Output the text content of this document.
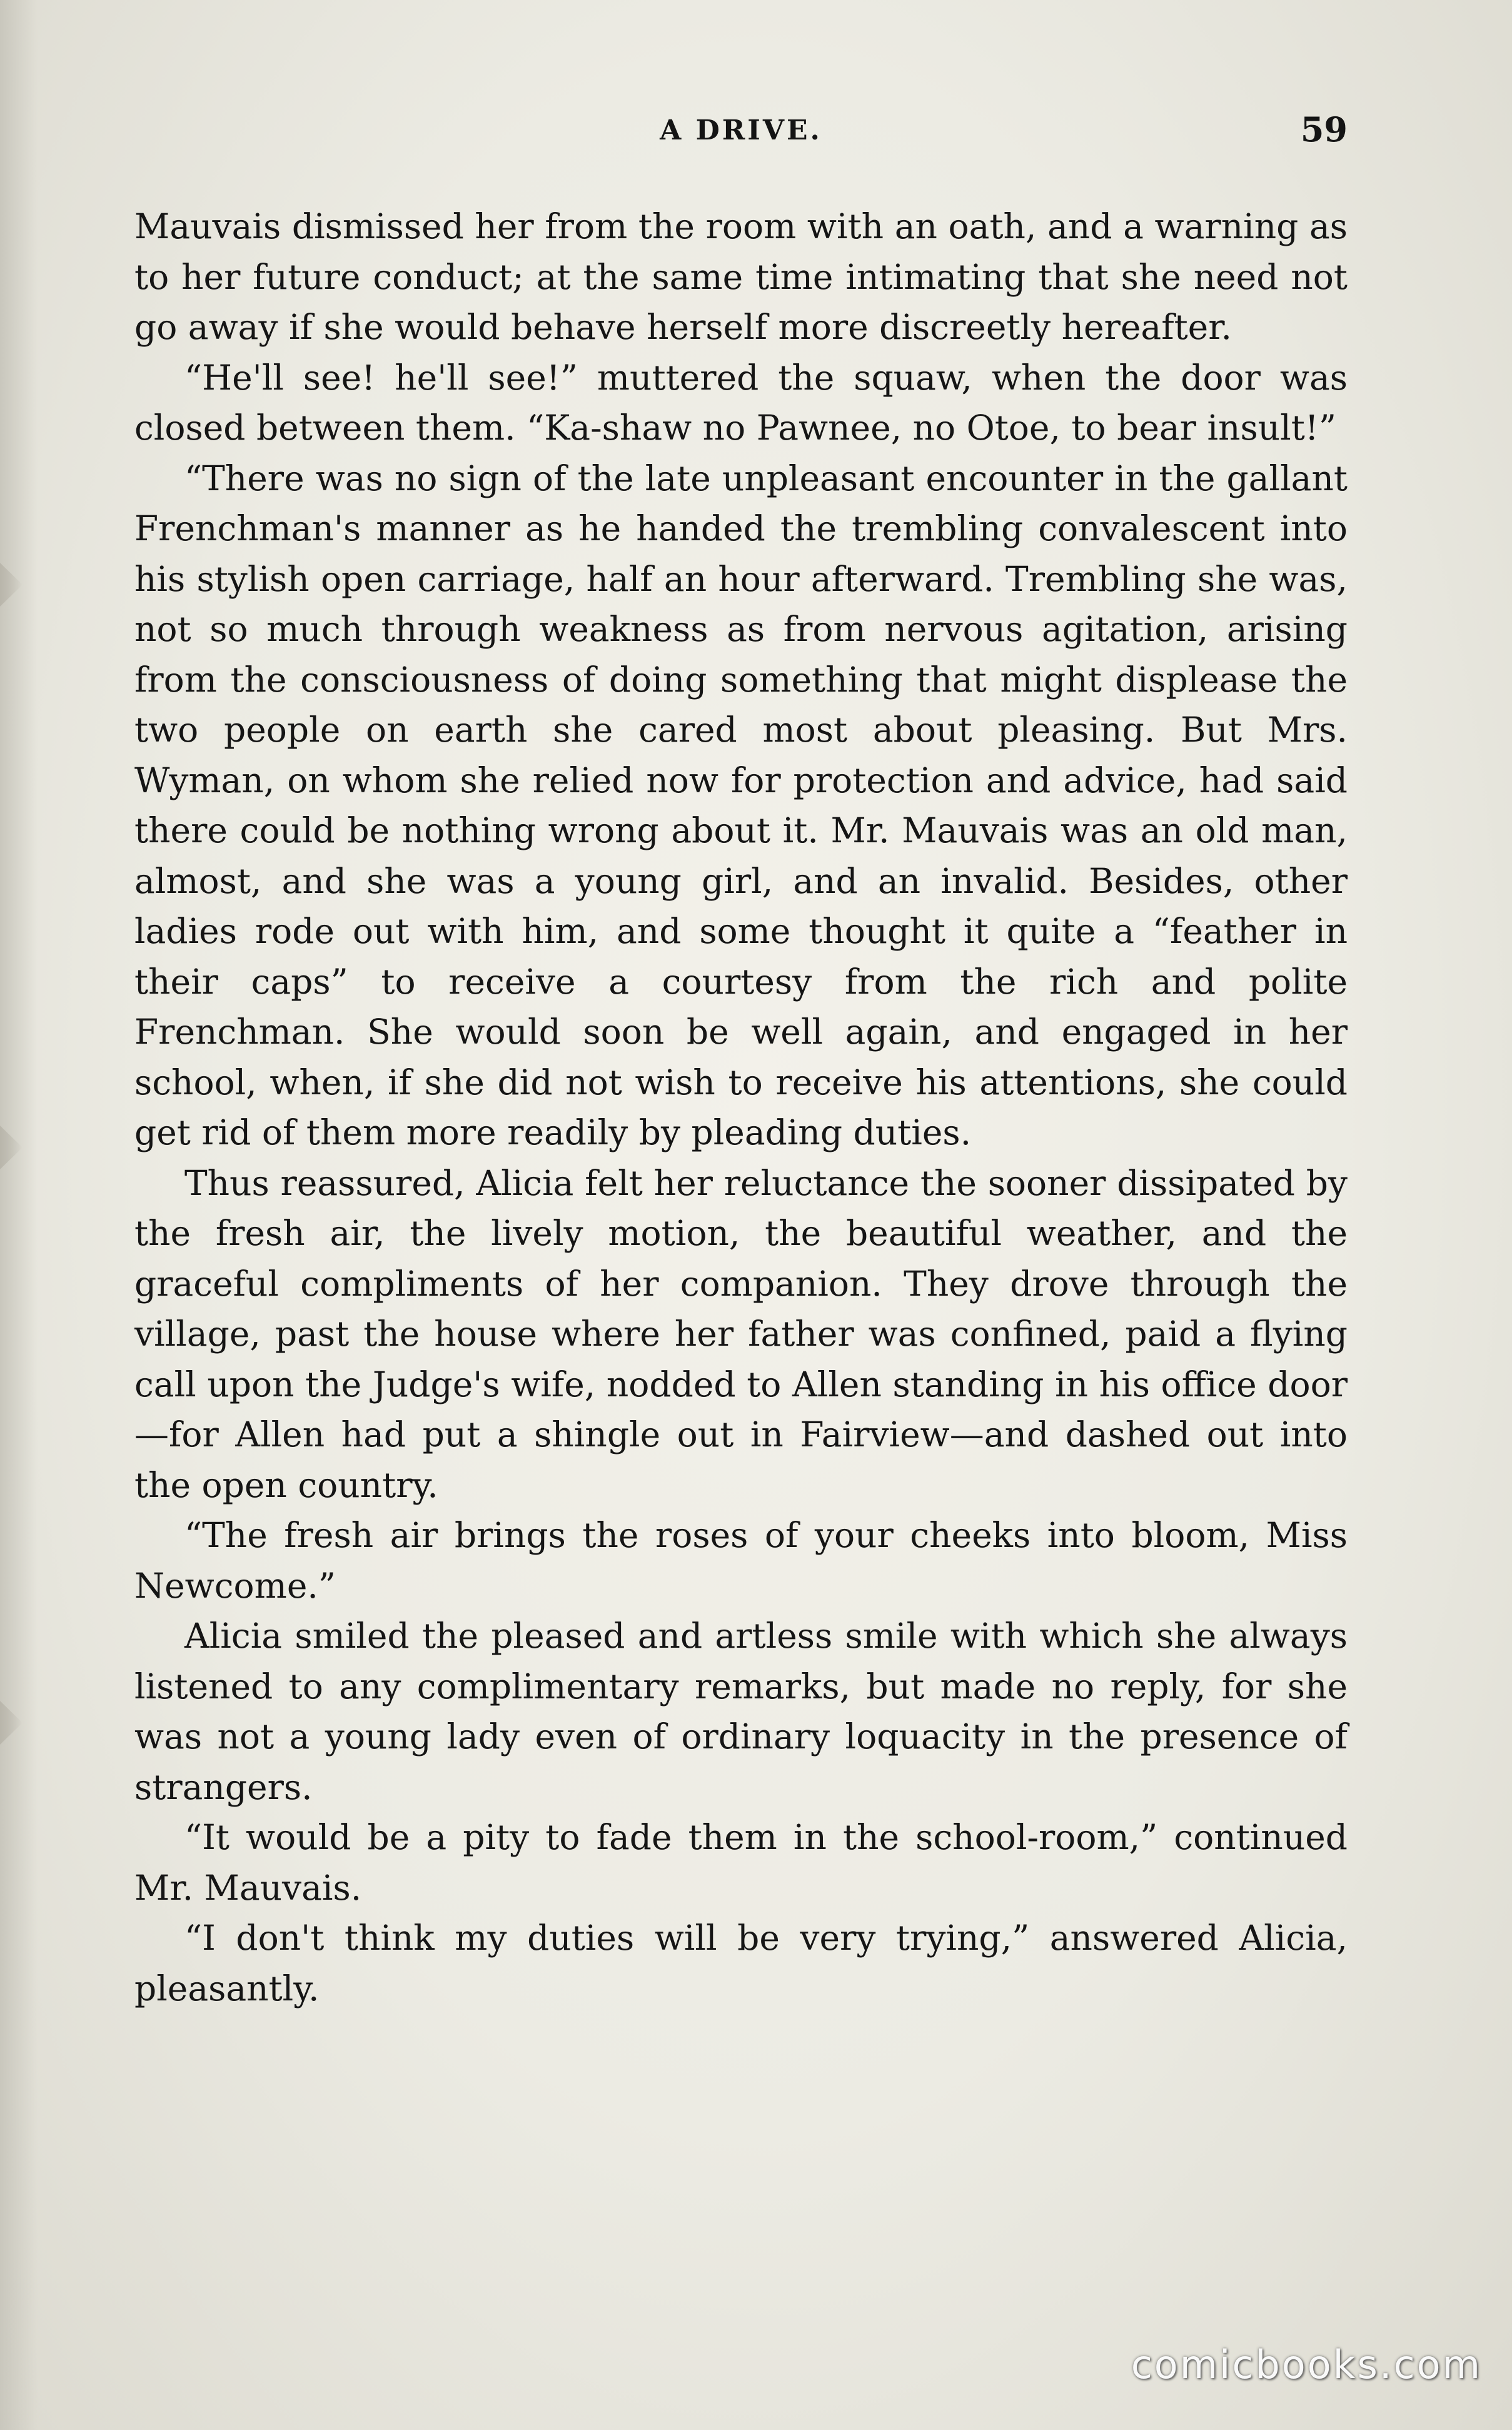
A DRIVE.	59

Mauvais dismissed her from the room with an oath, and a warning as to her future conduct; at the same time intimating that she need not go away if she would behave herself more discreetly hereafter.

“He'll see! he'll see!” muttered the squaw, when the door was closed between them. “Ka-shaw no Pawnee, no Otoe, to bear insult!”

“There was no sign of the late unpleasant encounter in the gallant Frenchman's manner as he handed the trembling convalescent into his stylish open carriage, half an hour afterward. Trembling she was, not so much through weakness as from nervous agitation, arising from the consciousness of doing something that might displease the two people on earth she cared most about pleasing. But Mrs. Wyman, on whom she relied now for protection and advice, had said there could be nothing wrong about it. Mr. Mauvais was an old man, almost, and she was a young girl, and an invalid. Besides, other ladies rode out with him, and some thought it quite a “feather in their caps” to receive a courtesy from the rich and polite Frenchman. She would soon be well again, and engaged in her school, when, if she did not wish to receive his attentions, she could get rid of them more readily by pleading duties.

Thus reassured, Alicia felt her reluctance the sooner dissipated by the fresh air, the lively motion, the beautiful weather, and the graceful compliments of her companion. They drove through the village, past the house where her father was confined, paid a flying call upon the Judge's wife, nodded to Allen standing in his office door—for Allen had put a shingle out in Fairview—and dashed out into the open country.

“The fresh air brings the roses of your cheeks into bloom, Miss Newcome.”

Alicia smiled the pleased and artless smile with which she always listened to any complimentary remarks, but made no reply, for she was not a young lady even of ordinary loquacity in the presence of strangers.

“It would be a pity to fade them in the school-room,” continued Mr. Mauvais.

“I don't think my duties will be very trying,” answered Alicia, pleasantly.

comicbooks.com
